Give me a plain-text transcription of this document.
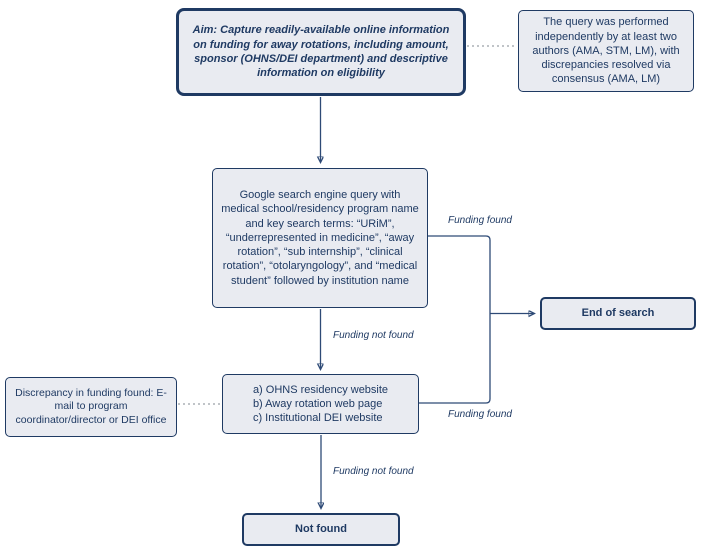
Aim: Capture readily-available online information on funding for away rotations, including amount, sponsor (OHNS/DEI department) and descriptive information on eligibility
The query was performed independently by at least two authors (AMA, STM, LM), with discrepancies resolved via consensus (AMA, LM)
Google search engine query with medical school/residency program name and key search terms: “URiM”, “underrepresented in medicine”, “away rotation”, “sub internship”, “clinical rotation”, “otolaryngology”, and “medical student” followed by institution name
End of search
Discrepancy in funding found: E-mail to program coordinator/director or DEI office
a) OHNS residency website
b) Away rotation web page
c) Institutional DEI website
Not found
Funding found
Funding not found
Funding found
Funding not found
